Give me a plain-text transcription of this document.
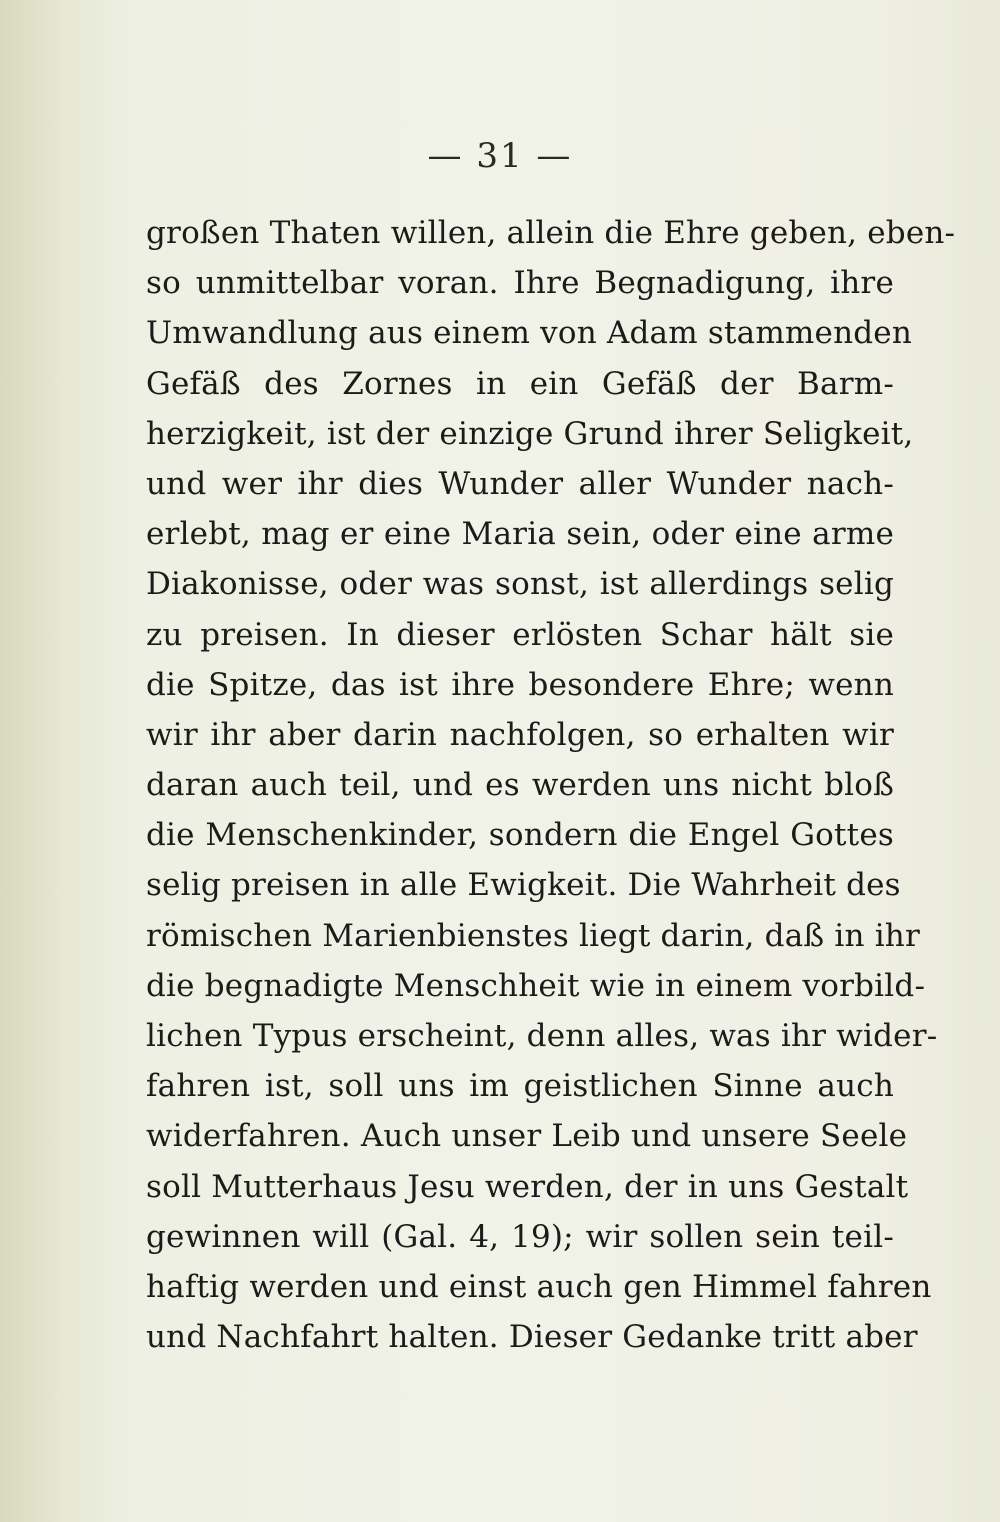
— 31 —
großen Thaten willen, allein die Ehre geben, eben-
so unmittelbar voran. Ihre Begnadigung, ihre
Umwandlung aus einem von Adam stammenden
Gefäß des Zornes in ein Gefäß der Barm-
herzigkeit, ist der einzige Grund ihrer Seligkeit,
und wer ihr dies Wunder aller Wunder nach-
erlebt, mag er eine Maria sein, oder eine arme
Diakonisse, oder was sonst, ist allerdings selig
zu preisen. In dieser erlösten Schar hält sie
die Spitze, das ist ihre besondere Ehre; wenn
wir ihr aber darin nachfolgen, so erhalten wir
daran auch teil, und es werden uns nicht bloß
die Menschenkinder, sondern die Engel Gottes
selig preisen in alle Ewigkeit. Die Wahrheit des
römischen Marienbienstes liegt darin, daß in ihr
die begnadigte Menschheit wie in einem vorbild-
lichen Typus erscheint, denn alles, was ihr wider-
fahren ist, soll uns im geistlichen Sinne auch
widerfahren. Auch unser Leib und unsere Seele
soll Mutterhaus Jesu werden, der in uns Gestalt
gewinnen will (Gal. 4, 19); wir sollen sein teil-
haftig werden und einst auch gen Himmel fahren
und Nachfahrt halten. Dieser Gedanke tritt aber
